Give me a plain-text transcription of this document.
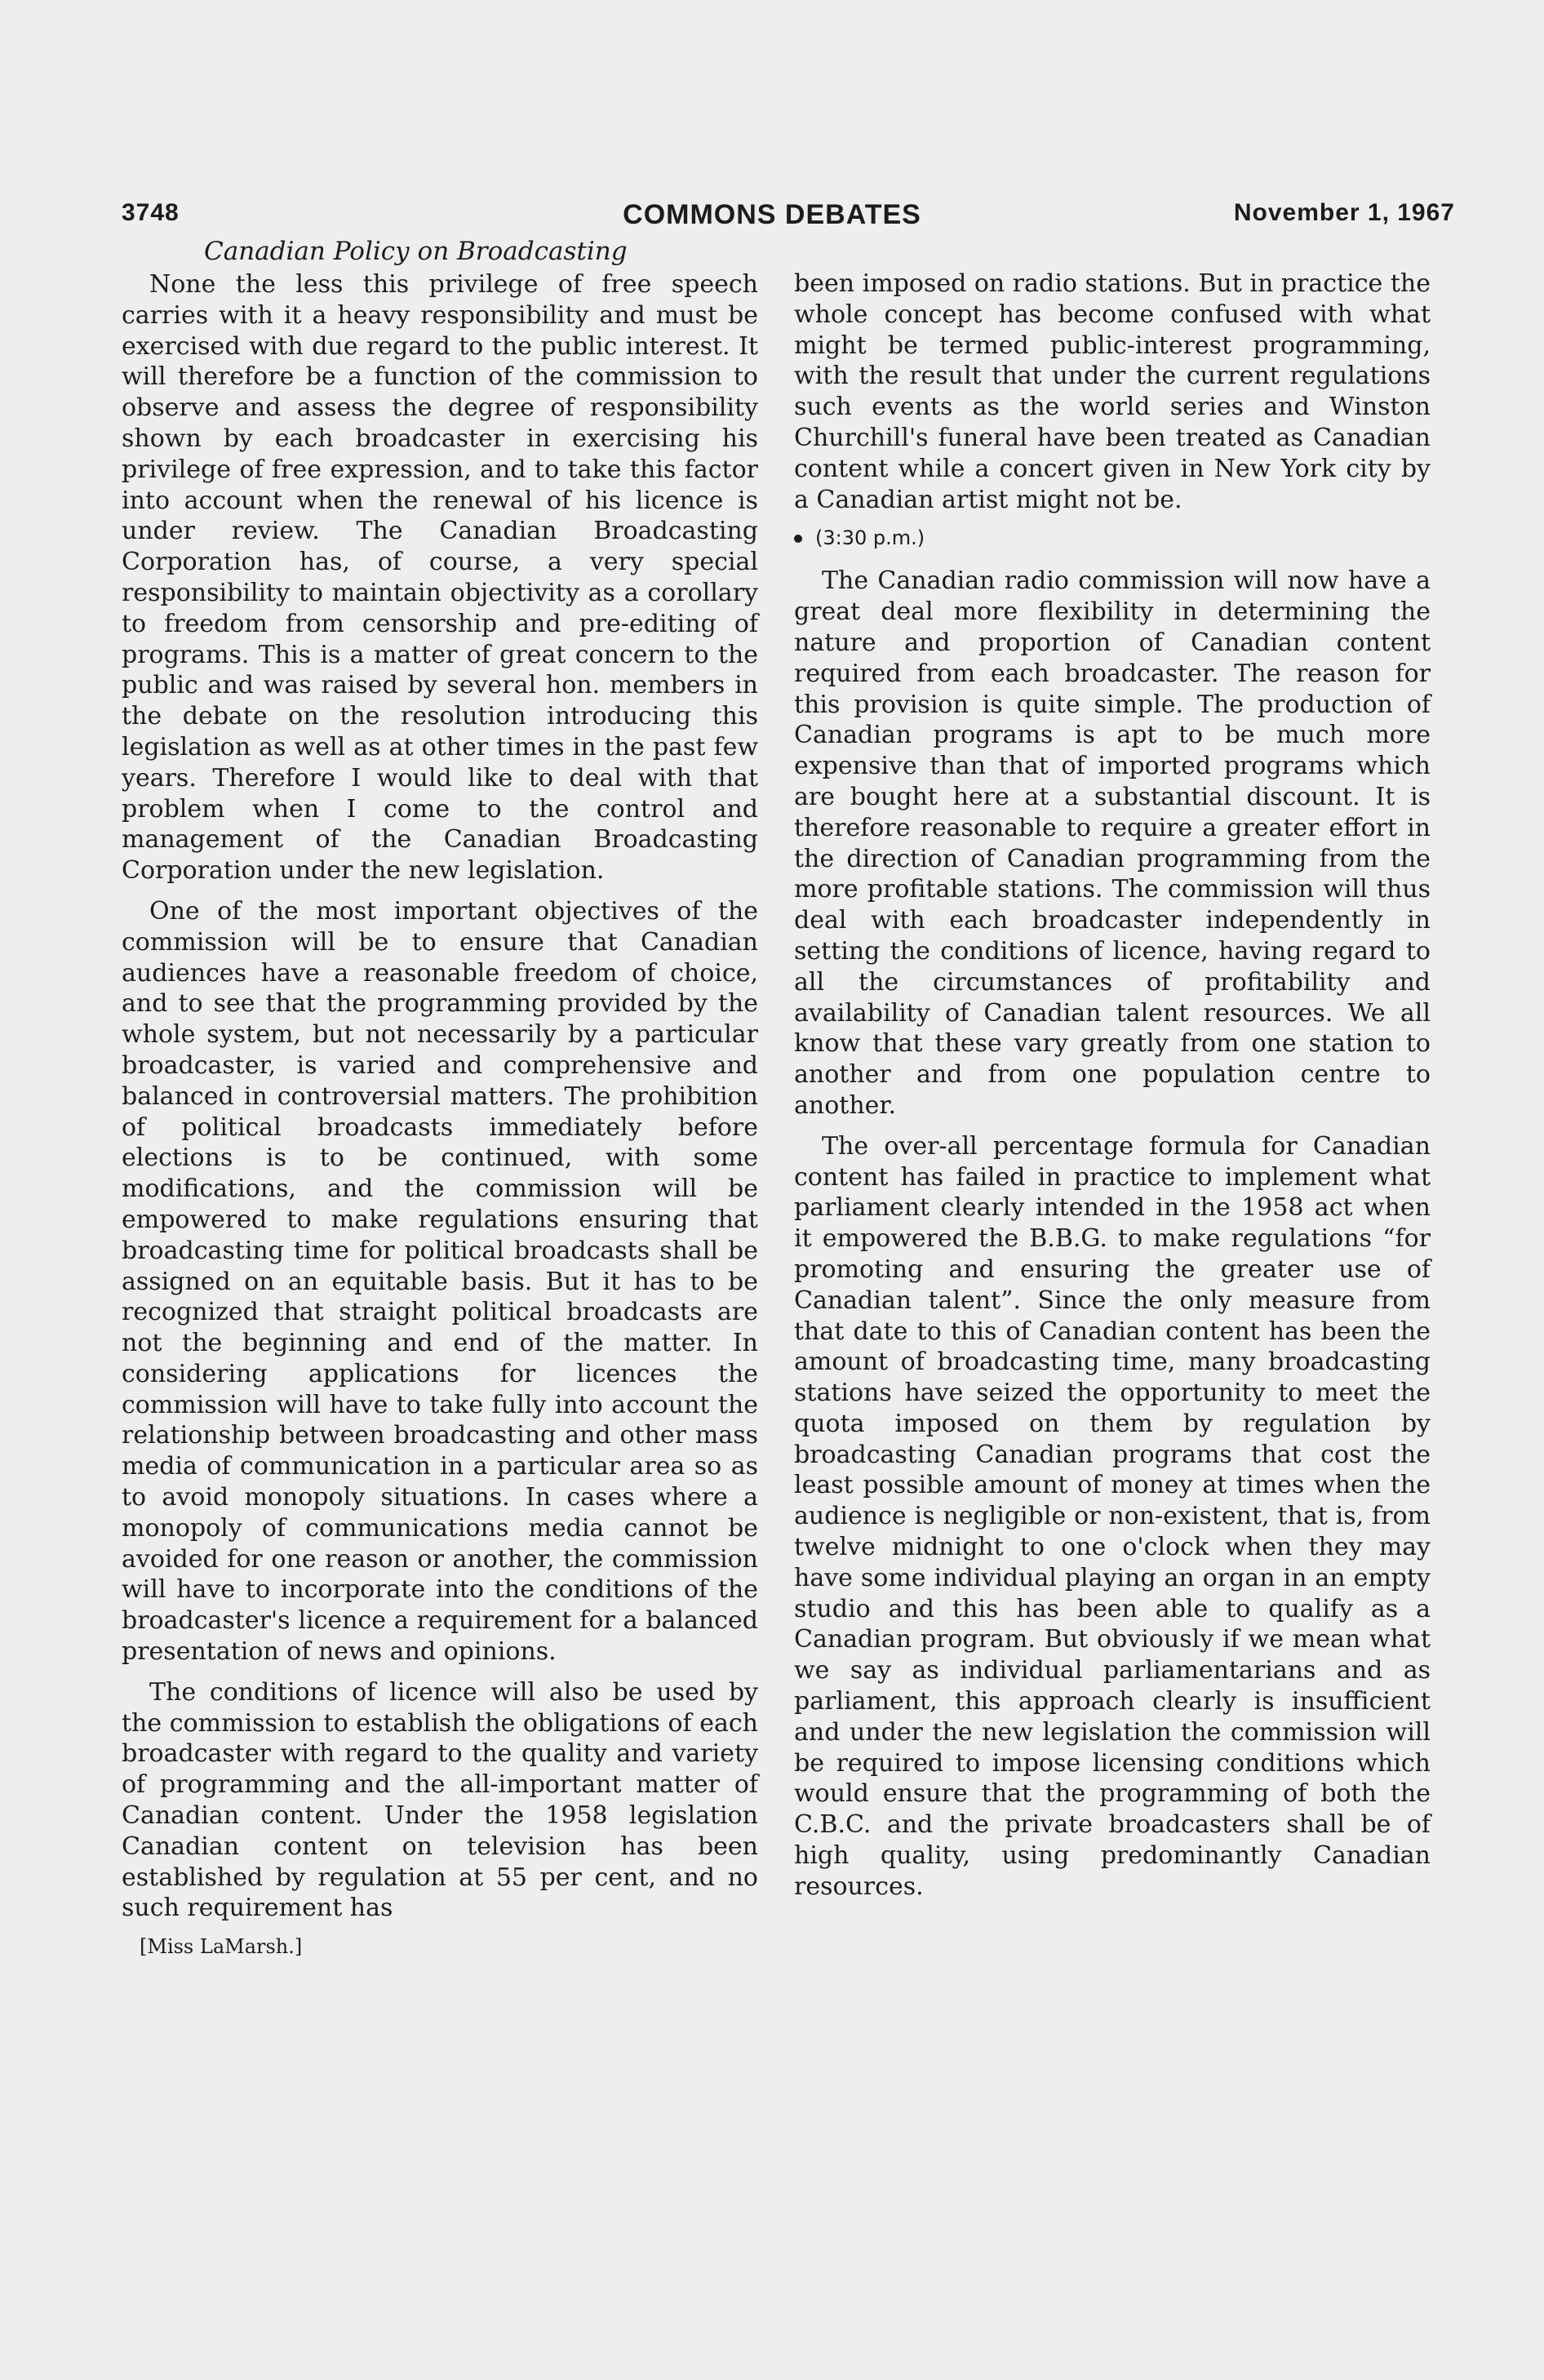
3748	COMMONS DEBATES	November 1, 1967
Canadian Policy on Broadcasting

None the less this privilege of free speech carries with it a heavy responsibility and must be exercised with due regard to the public interest. It will therefore be a function of the commission to observe and assess the degree of responsibility shown by each broadcaster in exercising his privilege of free expression, and to take this factor into account when the renewal of his licence is under review. The Canadian Broadcasting Corporation has, of course, a very special responsibility to maintain objectivity as a corollary to freedom from censorship and pre-editing of programs. This is a matter of great concern to the public and was raised by several hon. members in the debate on the resolution introducing this legislation as well as at other times in the past few years. Therefore I would like to deal with that problem when I come to the control and management of the Canadian Broadcasting Corporation under the new legislation.

One of the most important objectives of the commission will be to ensure that Canadian audiences have a reasonable freedom of choice, and to see that the programming provided by the whole system, but not necessarily by a particular broadcaster, is varied and comprehensive and balanced in controversial matters. The prohibition of political broadcasts immediately before elections is to be continued, with some modifications, and the commission will be empowered to make regulations ensuring that broadcasting time for political broadcasts shall be assigned on an equitable basis. But it has to be recognized that straight political broadcasts are not the beginning and end of the matter. In considering applications for licences the commission will have to take fully into account the relationship between broadcasting and other mass media of communication in a particular area so as to avoid monopoly situations. In cases where a monopoly of communications media cannot be avoided for one reason or another, the commission will have to incorporate into the conditions of the broadcaster's licence a requirement for a balanced presentation of news and opinions.

The conditions of licence will also be used by the commission to establish the obligations of each broadcaster with regard to the quality and variety of programming and the all-important matter of Canadian content. Under the 1958 legislation Canadian content on television has been established by regulation at 55 per cent, and no such requirement has

[Miss LaMarsh.]

been imposed on radio stations. But in practice the whole concept has become confused with what might be termed public-interest programming, with the result that under the current regulations such events as the world series and Winston Churchill's funeral have been treated as Canadian content while a concert given in New York city by a Canadian artist might not be.

(3:30 p.m.)

The Canadian radio commission will now have a great deal more flexibility in determining the nature and proportion of Canadian content required from each broadcaster. The reason for this provision is quite simple. The production of Canadian programs is apt to be much more expensive than that of imported programs which are bought here at a substantial discount. It is therefore reasonable to require a greater effort in the direction of Canadian programming from the more profitable stations. The commission will thus deal with each broadcaster independently in setting the conditions of licence, having regard to all the circumstances of profitability and availability of Canadian talent resources. We all know that these vary greatly from one station to another and from one population centre to another.

The over-all percentage formula for Canadian content has failed in practice to implement what parliament clearly intended in the 1958 act when it empowered the B.B.G. to make regulations “for promoting and ensuring the greater use of Canadian talent”. Since the only measure from that date to this of Canadian content has been the amount of broadcasting time, many broadcasting stations have seized the opportunity to meet the quota imposed on them by regulation by broadcasting Canadian programs that cost the least possible amount of money at times when the audience is negligible or non-existent, that is, from twelve midnight to one o'clock when they may have some individual playing an organ in an empty studio and this has been able to qualify as a Canadian program. But obviously if we mean what we say as individual parliamentarians and as parliament, this approach clearly is insufficient and under the new legislation the commission will be required to impose licensing conditions which would ensure that the programming of both the C.B.C. and the private broadcasters shall be of high quality, using predominantly Canadian resources.
